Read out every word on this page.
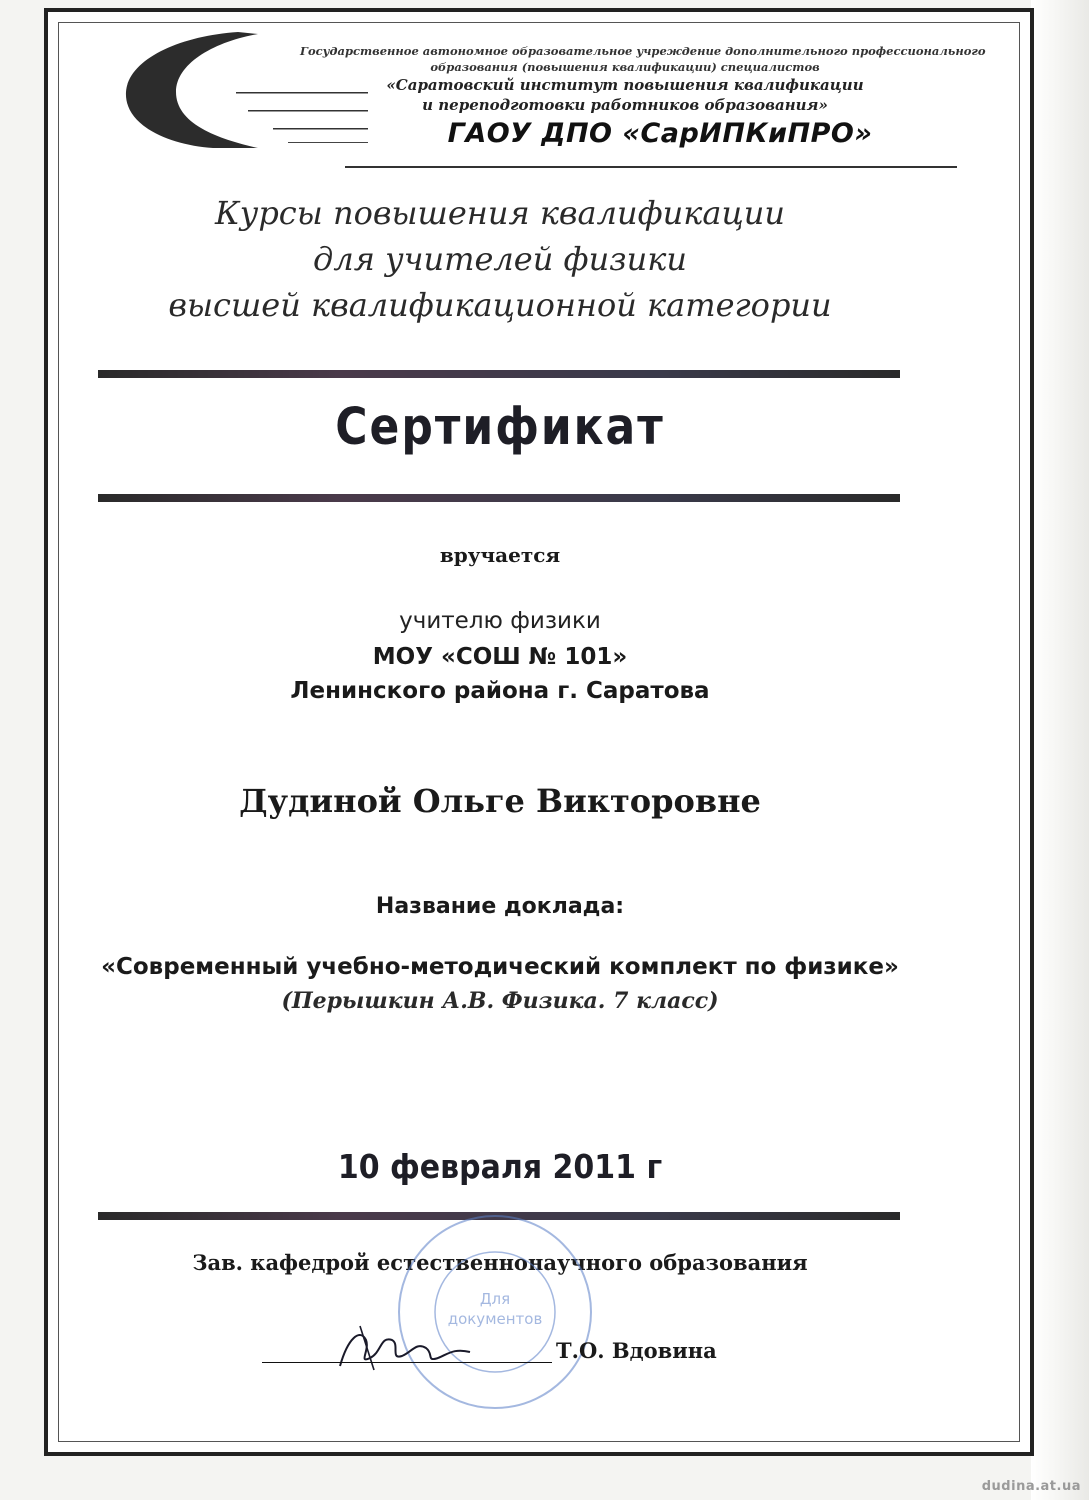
Государственное автономное образовательное учреждение дополнительного профессионального
образования (повышения квалификации) специалистов
«Саратовский институт повышения квалификации
и переподготовки работников образования»
ГАОУ ДПО «СарИПКиПРО»
Курсы повышения квалификации
для учителей физики
высшей квалификационной категории
Сертификат
вручается
учителю физики
МОУ «СОШ № 101»
Ленинского района г. Саратова
Дудиной Ольге Викторовне
Название доклада:
«Современный учебно-методический комплект по физике»
(Перышкин А.В. Физика. 7 класс)
10 февраля 2011 г
Зав. кафедрой естественнонаучного образования
Для
документов
Т.О. Вдовина
dudina.at.ua
